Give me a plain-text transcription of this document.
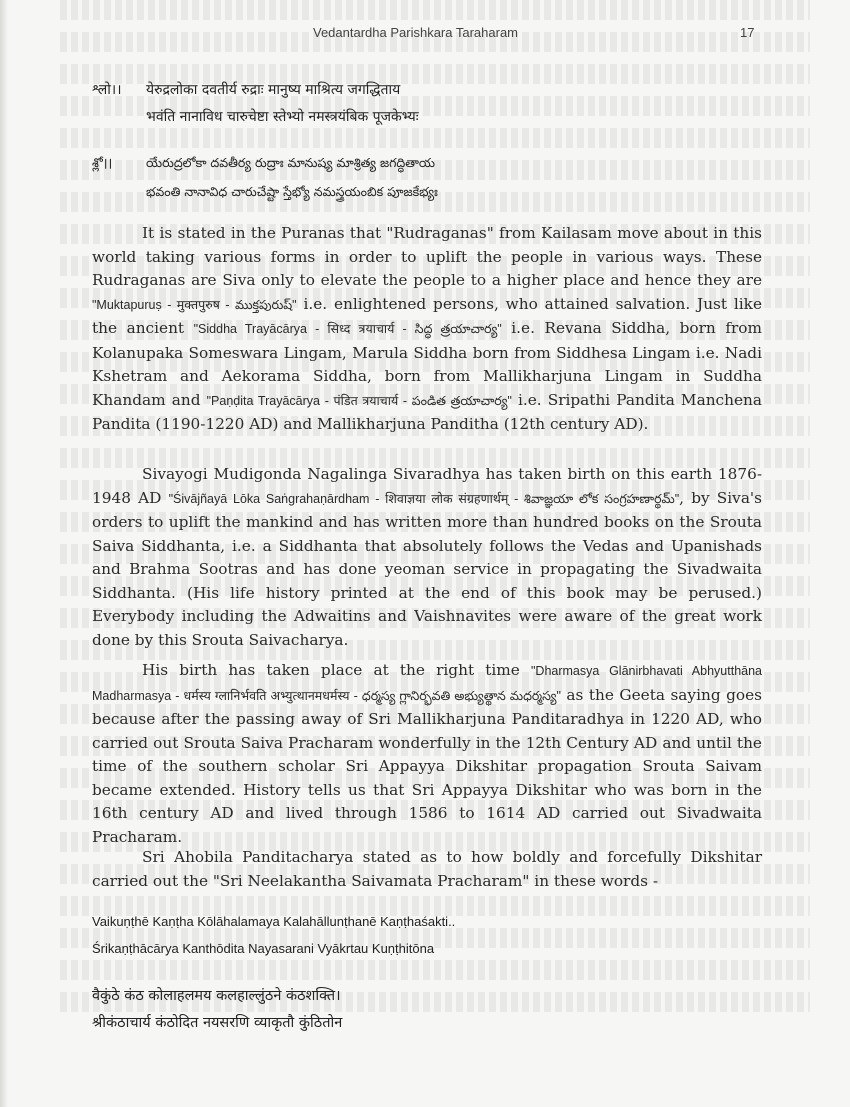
Vedantardha Parishkara Taraharam	17
श्लो।। येरुद्रलोका दवतीर्य रुद्राः मानुष्य माश्रित्य जगद्धिताय
भवंति नानाविध चारुचेष्टा स्तेभ्यो नमस्त्रयंबिक पूजकेभ्यः
శ్లో।।	యేరుద్రలోకా దవతీర్య రుద్రాః మానుష్య మాశ్రిత్య జగద్ధితాయ
భవంతి నానావిధ చారుచేష్టా స్తేభ్యో నమస్త్రయంబిక పూజకేభ్యః

It is stated in the Puranas that "Rudraganas" from Kailasam move about in this world taking various forms in order to uplift the people in various ways. These Rudraganas are Siva only to elevate the people to a higher place and hence they are "Muktapuruṣ - मुक्तपुरुष - ముక్తపురుష్" i.e. enlightened persons, who attained salvation. Just like the ancient "Siddha Trayācārya - सिध्द त्रयाचार्य - సిద్ధ త్రయాచార్య" i.e. Revana Siddha, born from Kolanupaka Someswara Lingam, Marula Siddha born from Siddhesa Lingam i.e. Nadi Kshetram and Aekorama Siddha, born from Mallikharjuna Lingam in Suddha Khandam and "Paṇḍita Trayācārya - पंडित त्रयाचार्य - పండిత త్రయాచార్య" i.e. Sripathi Pandita Manchena Pandita (1190-1220 AD) and Mallikharjuna Panditha (12th century AD).

Sivayogi Mudigonda Nagalinga Sivaradhya has taken birth on this earth 1876-1948 AD "Śivājñayā Lōka Saṅgrahaṇārdham - शिवाज्ञया लोक संग्रहणार्थम् - శివాజ్ఞయా లోక సంగ్రహణార్థమ్", by Siva's orders to uplift the mankind and has written more than hundred books on the Srouta Saiva Siddhanta, i.e. a Siddhanta that absolutely follows the Vedas and Upanishads and Brahma Sootras and has done yeoman service in propagating the Sivadwaita Siddhanta. (His life history printed at the end of this book may be perused.) Everybody including the Adwaitins and Vaishnavites were aware of the great work done by this Srouta Saivacharya.

His birth has taken place at the right time "Dharmasya Glānirbhavati Abhyutthāna Madharmasya - धर्मस्य ग्लानिर्भवति अभ्युत्थानमधर्मस्य - ధర్మస్య గ్లానిర్భవతి అభ్యుత్థాన మధర్మస్య" as the Geeta saying goes because after the passing away of Sri Mallikharjuna Panditaradhya in 1220 AD, who carried out Srouta Saiva Pracharam wonderfully in the 12th Century AD and until the time of the southern scholar Sri Appayya Dikshitar propagation Srouta Saivam became extended. History tells us that Sri Appayya Dikshitar who was born in the 16th century AD and lived through 1586 to 1614 AD carried out Sivadwaita Pracharam.

Sri Ahobila Panditacharya stated as to how boldly and forcefully Dikshitar carried out the "Sri Neelakantha Saivamata Pracharam" in these words -

Vaikuṇṭhē Kaṇṭha Kōlāhalamaya Kalahāllunṭhanē Kaṇṭhaśakti..
Śrikaṇṭhācārya Kanthōdita Nayasarani Vyākrtau Kuṇṭhitōna
वैकुंठे कंठ कोलाहलमय कलहाल्लुंठने कंठशक्ति।
श्रीकंठाचार्य कंठोदित नयसरणि व्याकृतौ कुंठितोन
